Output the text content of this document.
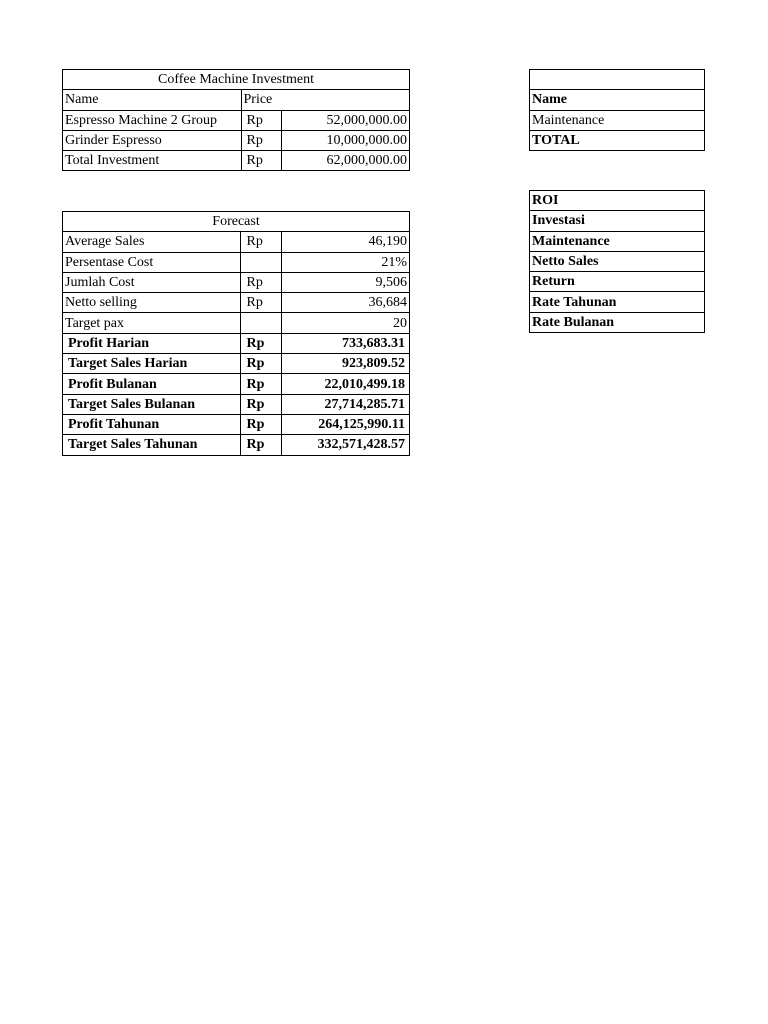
Coffee Machine Investment		
Name	Price	
Espresso Machine 2 Group	Rp	52,000,000.00
Grinder Espresso	Rp	10,000,000.00
Total Investment	Rp	62,000,000.00
Forecast		
Average Sales	Rp	46,190
Persentase Cost		21%
Jumlah Cost	Rp	9,506
Netto selling	Rp	36,684
Target pax		20
Profit Harian	Rp	733,683.31
Target Sales Harian	Rp	923,809.52
Profit Bulanan	Rp	22,010,499.18
Target Sales Bulanan	Rp	27,714,285.71
Profit Tahunan	Rp	264,125,990.11
Target Sales Tahunan	Rp	332,571,428.57

Name
Maintenance
TOTAL
ROI
Investasi
Maintenance
Netto Sales
Return
Rate Tahunan
Rate Bulanan
